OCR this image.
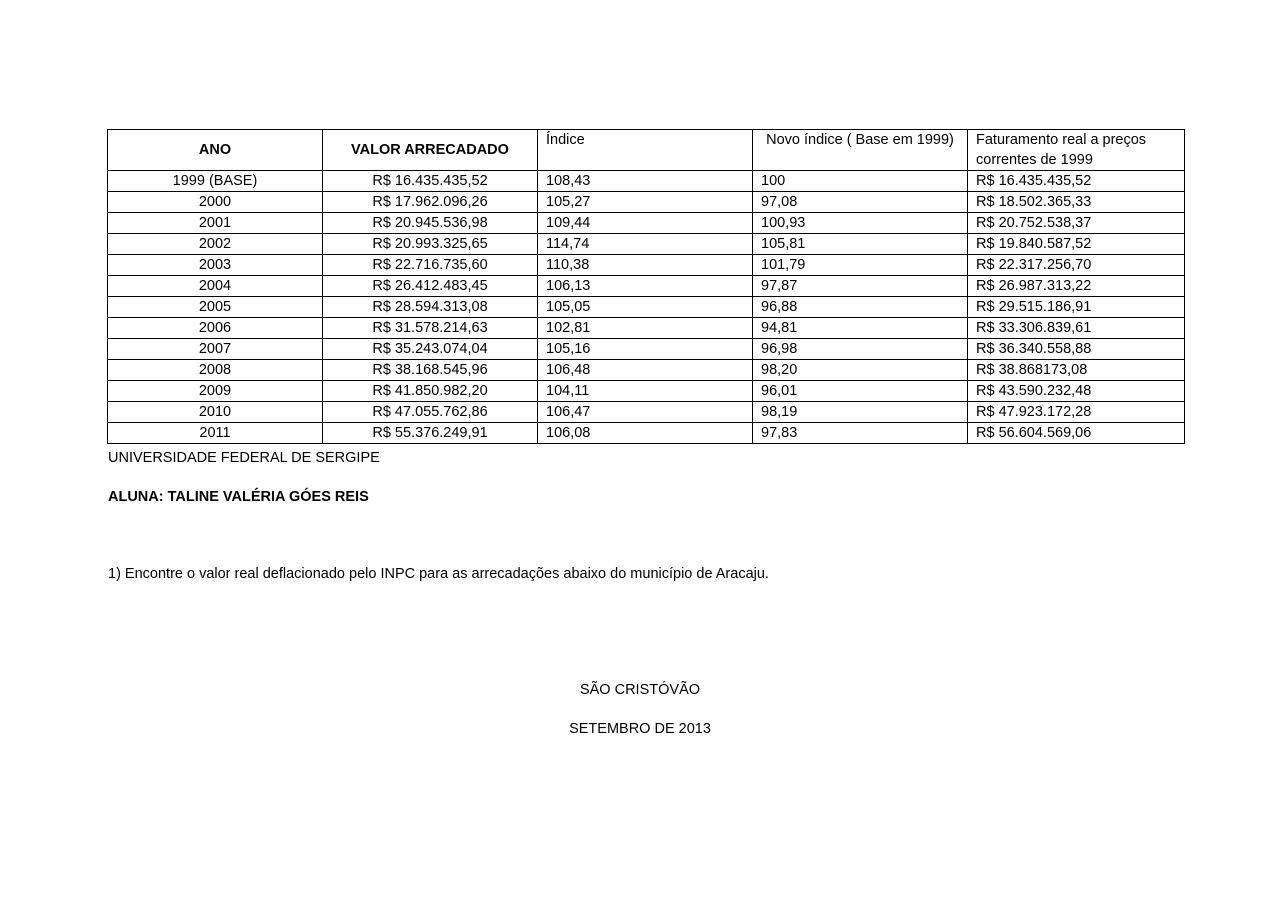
ANO	VALOR ARRECADADO	Índice	Novo índice ( Base em 1999)	Faturamento real a preços correntes de 1999
1999 (BASE)	R$ 16.435.435,52	108,43	100	R$ 16.435.435,52
2000	R$ 17.962.096,26	105,27	97,08	R$ 18.502.365,33
2001	R$ 20.945.536,98	109,44	100,93	R$ 20.752.538,37
2002	R$ 20.993.325,65	114,74	105,81	R$ 19.840.587,52
2003	R$ 22.716.735,60	110,38	101,79	R$ 22.317.256,70
2004	R$ 26.412.483,45	106,13	97,87	R$ 26.987.313,22
2005	R$ 28.594.313,08	105,05	96,88	R$ 29.515.186,91
2006	R$ 31.578.214,63	102,81	94,81	R$ 33.306.839,61
2007	R$ 35.243.074,04	105,16	96,98	R$ 36.340.558,88
2008	R$ 38.168.545,96	106,48	98,20	R$ 38.868173,08
2009	R$ 41.850.982,20	104,11	96,01	R$ 43.590.232,48
2010	R$ 47.055.762,86	106,47	98,19	R$ 47.923.172,28
2011	R$ 55.376.249,91	106,08	97,83	R$ 56.604.569,06
UNIVERSIDADE FEDERAL DE SERGIPE
ALUNA: TALINE VALÉRIA GÓES REIS
1) Encontre o valor real deflacionado pelo INPC para as arrecadações abaixo do município de Aracaju.
SÃO CRISTÓVÃO
SETEMBRO DE 2013
